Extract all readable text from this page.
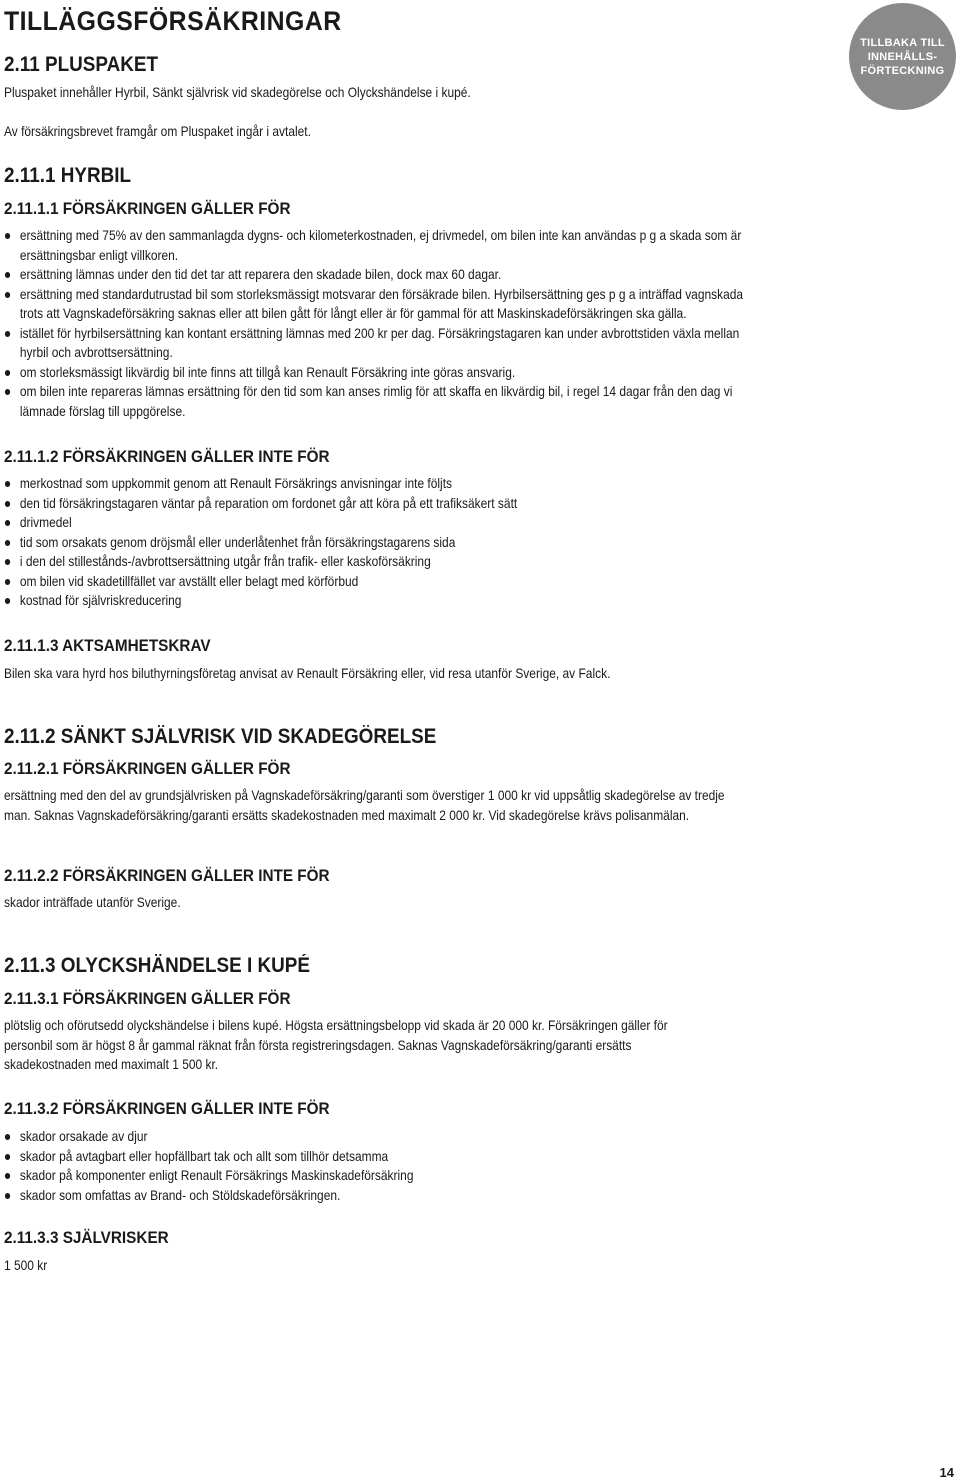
TILLÄGGSFÖRSÄKRINGAR
TILLBAKA TILL
INNEHÅLLS-
FÖRTECKNING
2.11 PLUSPAKET
Pluspaket innehåller Hyrbil, Sänkt självrisk vid skadegörelse och Olyckshändelse i kupé.
Av försäkringsbrevet framgår om Pluspaket ingår i avtalet.
2.11.1 HYRBIL
2.11.1.1 FÖRSÄKRINGEN GÄLLER FÖR
ersättning med 75% av den sammanlagda dygns- och kilometerkostnaden, ej drivmedel, om bilen inte kan användas p g a skada som är ersättningsbar enligt villkoren.
ersättning lämnas under den tid det tar att reparera den skadade bilen, dock max 60 dagar.
ersättning med standardutrustad bil som storleksmässigt motsvarar den försäkrade bilen. Hyrbilsersättning ges p g a inträffad vagnskada trots att Vagnskadeförsäkring saknas eller att bilen gått för långt eller är för gammal för att Maskinskadeförsäkringen ska gälla.
istället för hyrbilsersättning kan kontant ersättning lämnas med 200 kr per dag. Försäkringstagaren kan under avbrottstiden växla mellan hyrbil och avbrottsersättning.
om storleksmässigt likvärdig bil inte finns att tillgå kan Renault Försäkring inte göras ansvarig.
om bilen inte repareras lämnas ersättning för den tid som kan anses rimlig för att skaffa en likvärdig bil, i regel 14 dagar från den dag vi lämnade förslag till uppgörelse.
2.11.1.2 FÖRSÄKRINGEN GÄLLER INTE FÖR
merkostnad som uppkommit genom att Renault Försäkrings anvisningar inte följts
den tid försäkringstagaren väntar på reparation om fordonet går att köra på ett trafiksäkert sätt
drivmedel
tid som orsakats genom dröjsmål eller underlåtenhet från försäkringstagarens sida
i den del stillestånds-/avbrottsersättning utgår från trafik- eller kaskoförsäkring
om bilen vid skadetillfället var avställt eller belagt med körförbud
kostnad för självriskreducering
2.11.1.3 AKTSAMHETSKRAV
Bilen ska vara hyrd hos biluthyrningsföretag anvisat av Renault Försäkring eller, vid resa utanför Sverige, av Falck.
2.11.2 SÄNKT SJÄLVRISK VID SKADEGÖRELSE
2.11.2.1 FÖRSÄKRINGEN GÄLLER FÖR
ersättning med den del av grundsjälvrisken på Vagnskadeförsäkring/garanti som överstiger 1 000 kr vid uppsåtlig skadegörelse av tredje man. Saknas Vagnskadeförsäkring/garanti ersätts skadekostnaden med maximalt 2 000 kr. Vid skadegörelse krävs polisanmälan.
2.11.2.2 FÖRSÄKRINGEN GÄLLER INTE FÖR
skador inträffade utanför Sverige.
2.11.3 OLYCKSHÄNDELSE I KUPÉ
2.11.3.1 FÖRSÄKRINGEN GÄLLER FÖR
plötslig och oförutsedd olyckshändelse i bilens kupé. Högsta ersättningsbelopp vid skada är 20 000 kr. Försäkringen gäller för personbil som är högst 8 år gammal räknat från första registreringsdagen. Saknas Vagnskadeförsäkring/garanti ersätts skadekostnaden med maximalt 1 500 kr.
2.11.3.2 FÖRSÄKRINGEN GÄLLER INTE FÖR
skador orsakade av djur
skador på avtagbart eller hopfällbart tak och allt som tillhör detsamma
skador på komponenter enligt Renault Försäkrings Maskinskadeförsäkring
skador som omfattas av Brand- och Stöldskadeförsäkringen.
2.11.3.3 SJÄLVRISKER
1 500 kr
14
